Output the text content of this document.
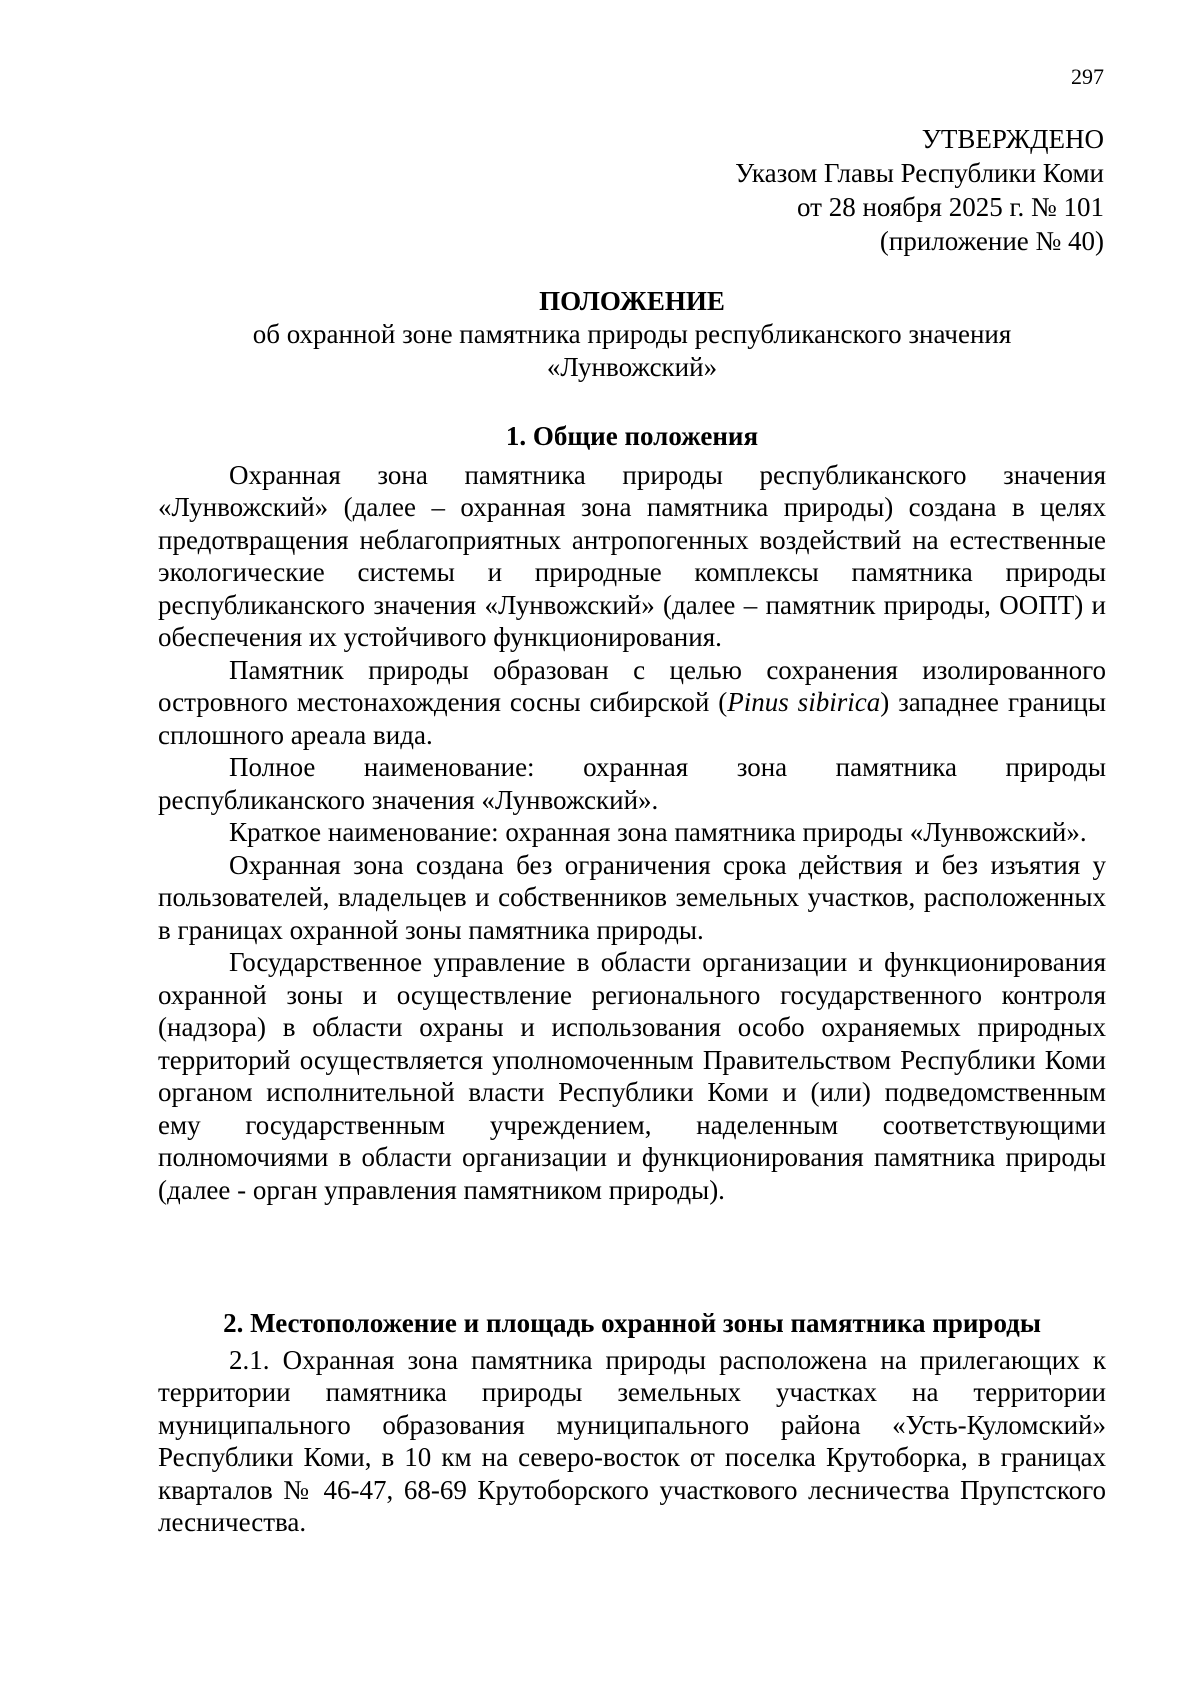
297
УТВЕРЖДЕНО
Указом Главы Республики Коми
от 28 ноября 2025 г. № 101
(приложение № 40)
ПОЛОЖЕНИЕ
об охранной зоне памятника природы республиканского значения
«Лунвожский»

1. Общие положения

Охранная зона памятника природы республиканского значения «Лунвожский» (далее – охранная зона памятника природы) создана в целях предотвращения неблагоприятных антропогенных воздействий на естественные экологические системы и природные комплексы памятника природы республиканского значения «Лунвожский» (далее – памятник природы, ООПТ) и обеспечения их устойчивого функционирования.

Памятник природы образован с целью сохранения изолированного островного местонахождения сосны сибирской (Pinus sibirica) западнее границы сплошного ареала вида.

Полное наименование: охранная зона памятника природы республиканского значения «Лунвожский».

Краткое наименование: охранная зона памятника природы «Лунвожский».

Охранная зона создана без ограничения срока действия и без изъятия у пользователей, владельцев и собственников земельных участков, расположенных в границах охранной зоны памятника природы.

Государственное управление в области организации и функционирования охранной зоны и осуществление регионального государственного контроля (надзора) в области охраны и использования особо охраняемых природных территорий осуществляется уполномоченным Правительством Республики Коми органом исполнительной власти Республики Коми и (или) подведомственным ему государственным учреждением, наделенным соответствующими полномочиями в области организации и функционирования памятника природы (далее - орган управления памятником природы).

2. Местоположение и площадь охранной зоны памятника природы

2.1. Охранная зона памятника природы расположена на прилегающих к территории памятника природы земельных участках на территории муниципального образования муниципального района «Усть-Куломский» Республики Коми, в 10 км на северо-восток от поселка Крутоборка, в границах кварталов № 46-47, 68-69 Крутоборского участкового лесничества Прупстского лесничества.
